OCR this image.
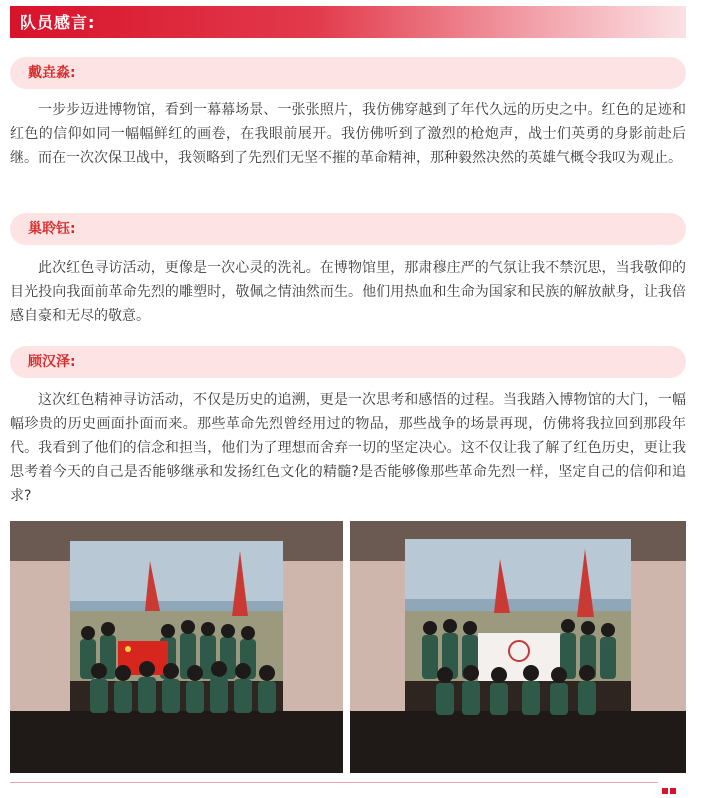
队员感言:
戴垚淼:

一步步迈进博物馆，看到一幕幕场景、一张张照片，我仿佛穿越到了年代久远的历史之中。红色的足迹和红色的信仰如同一幅幅鲜红的画卷，在我眼前展开。我仿佛听到了激烈的枪炮声，战士们英勇的身影前赴后继。而在一次次保卫战中，我领略到了先烈们无坚不摧的革命精神，那种毅然决然的英雄气概令我叹为观止。

巢聆钰:

此次红色寻访活动，更像是一次心灵的洗礼。在博物馆里，那肃穆庄严的气氛让我不禁沉思，当我敬仰的目光投向我面前革命先烈的雕塑时，敬佩之情油然而生。他们用热血和生命为国家和民族的解放献身，让我倍感自豪和无尽的敬意。

顾汉泽:

这次红色精神寻访活动，不仅是历史的追溯，更是一次思考和感悟的过程。当我踏入博物馆的大门，一幅幅珍贵的历史画面扑面而来。那些革命先烈曾经用过的物品，那些战争的场景再现，仿佛将我拉回到那段年代。我看到了他们的信念和担当，他们为了理想而舍弃一切的坚定决心。这不仅让我了解了红色历史，更让我思考着今天的自己是否能够继承和发扬红色文化的精髓?是否能够像那些革命先烈一样，坚定自己的信仰和追求?
